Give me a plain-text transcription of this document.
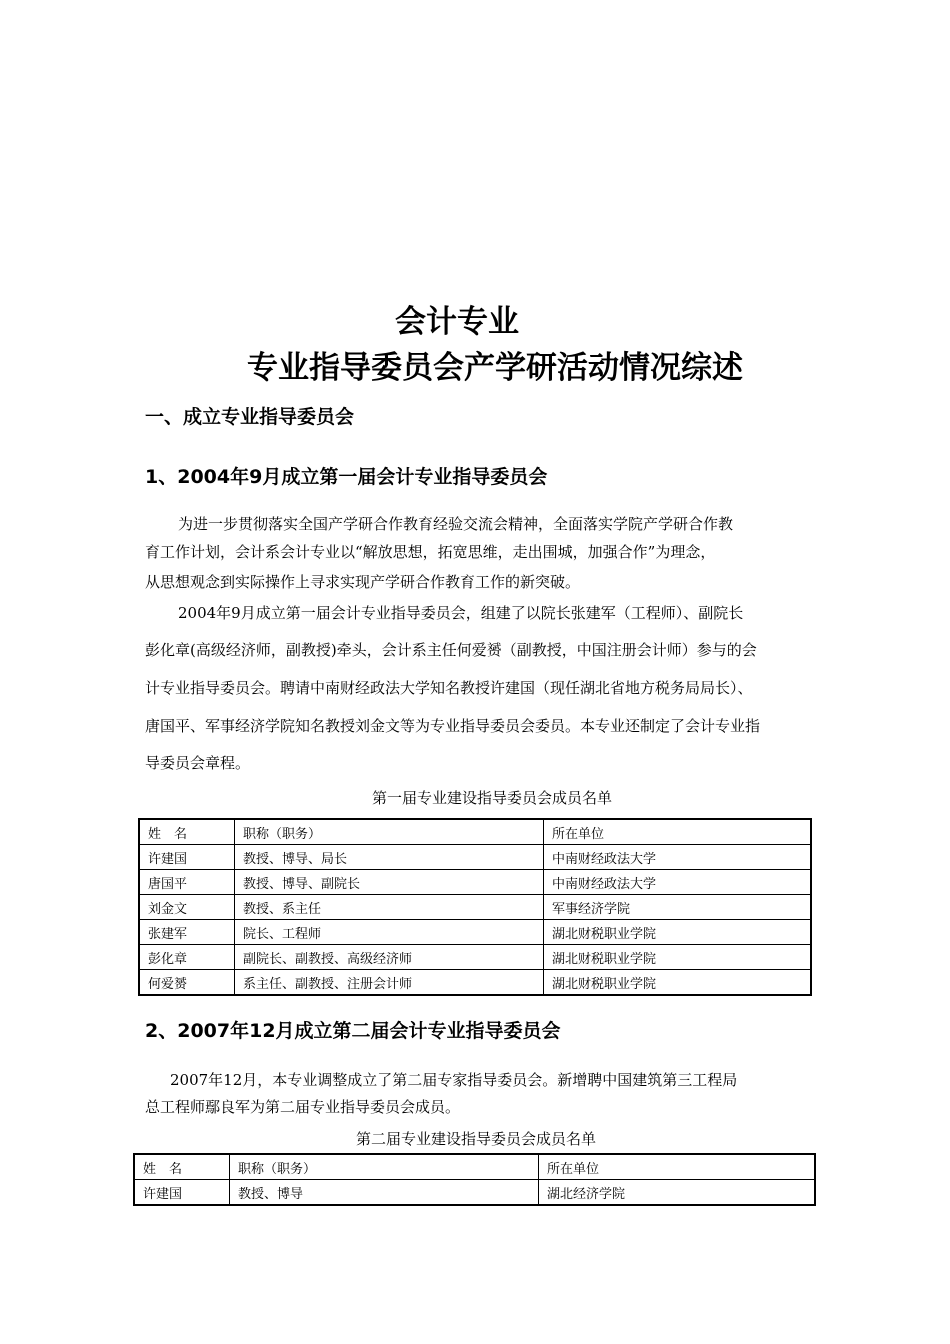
会计专业
专业指导委员会产学研活动情况综述
一、成立专业指导委员会
1、2004年9月成立第一届会计专业指导委员会
为进一步贯彻落实全国产学研合作教育经验交流会精神，全面落实学院产学研合作教
育工作计划，会计系会计专业以“解放思想，拓宽思维，走出围城，加强合作”为理念，
从思想观念到实际操作上寻求实现产学研合作教育工作的新突破。
2004年9月成立第一届会计专业指导委员会，组建了以院长张建军（工程师）、副院长
彭化章(高级经济师，副教授)牵头，会计系主任何爱赟（副教授，中国注册会计师）参与的会
计专业指导委员会。聘请中南财经政法大学知名教授许建国（现任湖北省地方税务局局长）、
唐国平、军事经济学院知名教授刘金文等为专业指导委员会委员。本专业还制定了会计专业指
导委员会章程。
第一届专业建设指导委员会成员名单
姓　名	职称（职务）	所在单位
许建国	教授、博导、局长	中南财经政法大学
唐国平	教授、博导、副院长	中南财经政法大学
刘金文	教授、系主任	军事经济学院
张建军	院长、工程师	湖北财税职业学院
彭化章	副院长、副教授、高级经济师	湖北财税职业学院
何爱赟	系主任、副教授、注册会计师	湖北财税职业学院
2、2007年12月成立第二届会计专业指导委员会
2007年12月，本专业调整成立了第二届专家指导委员会。新增聘中国建筑第三工程局
总工程师鄢良军为第二届专业指导委员会成员。
第二届专业建设指导委员会成员名单
姓　名	职称（职务）	所在单位
许建国	教授、博导	湖北经济学院
